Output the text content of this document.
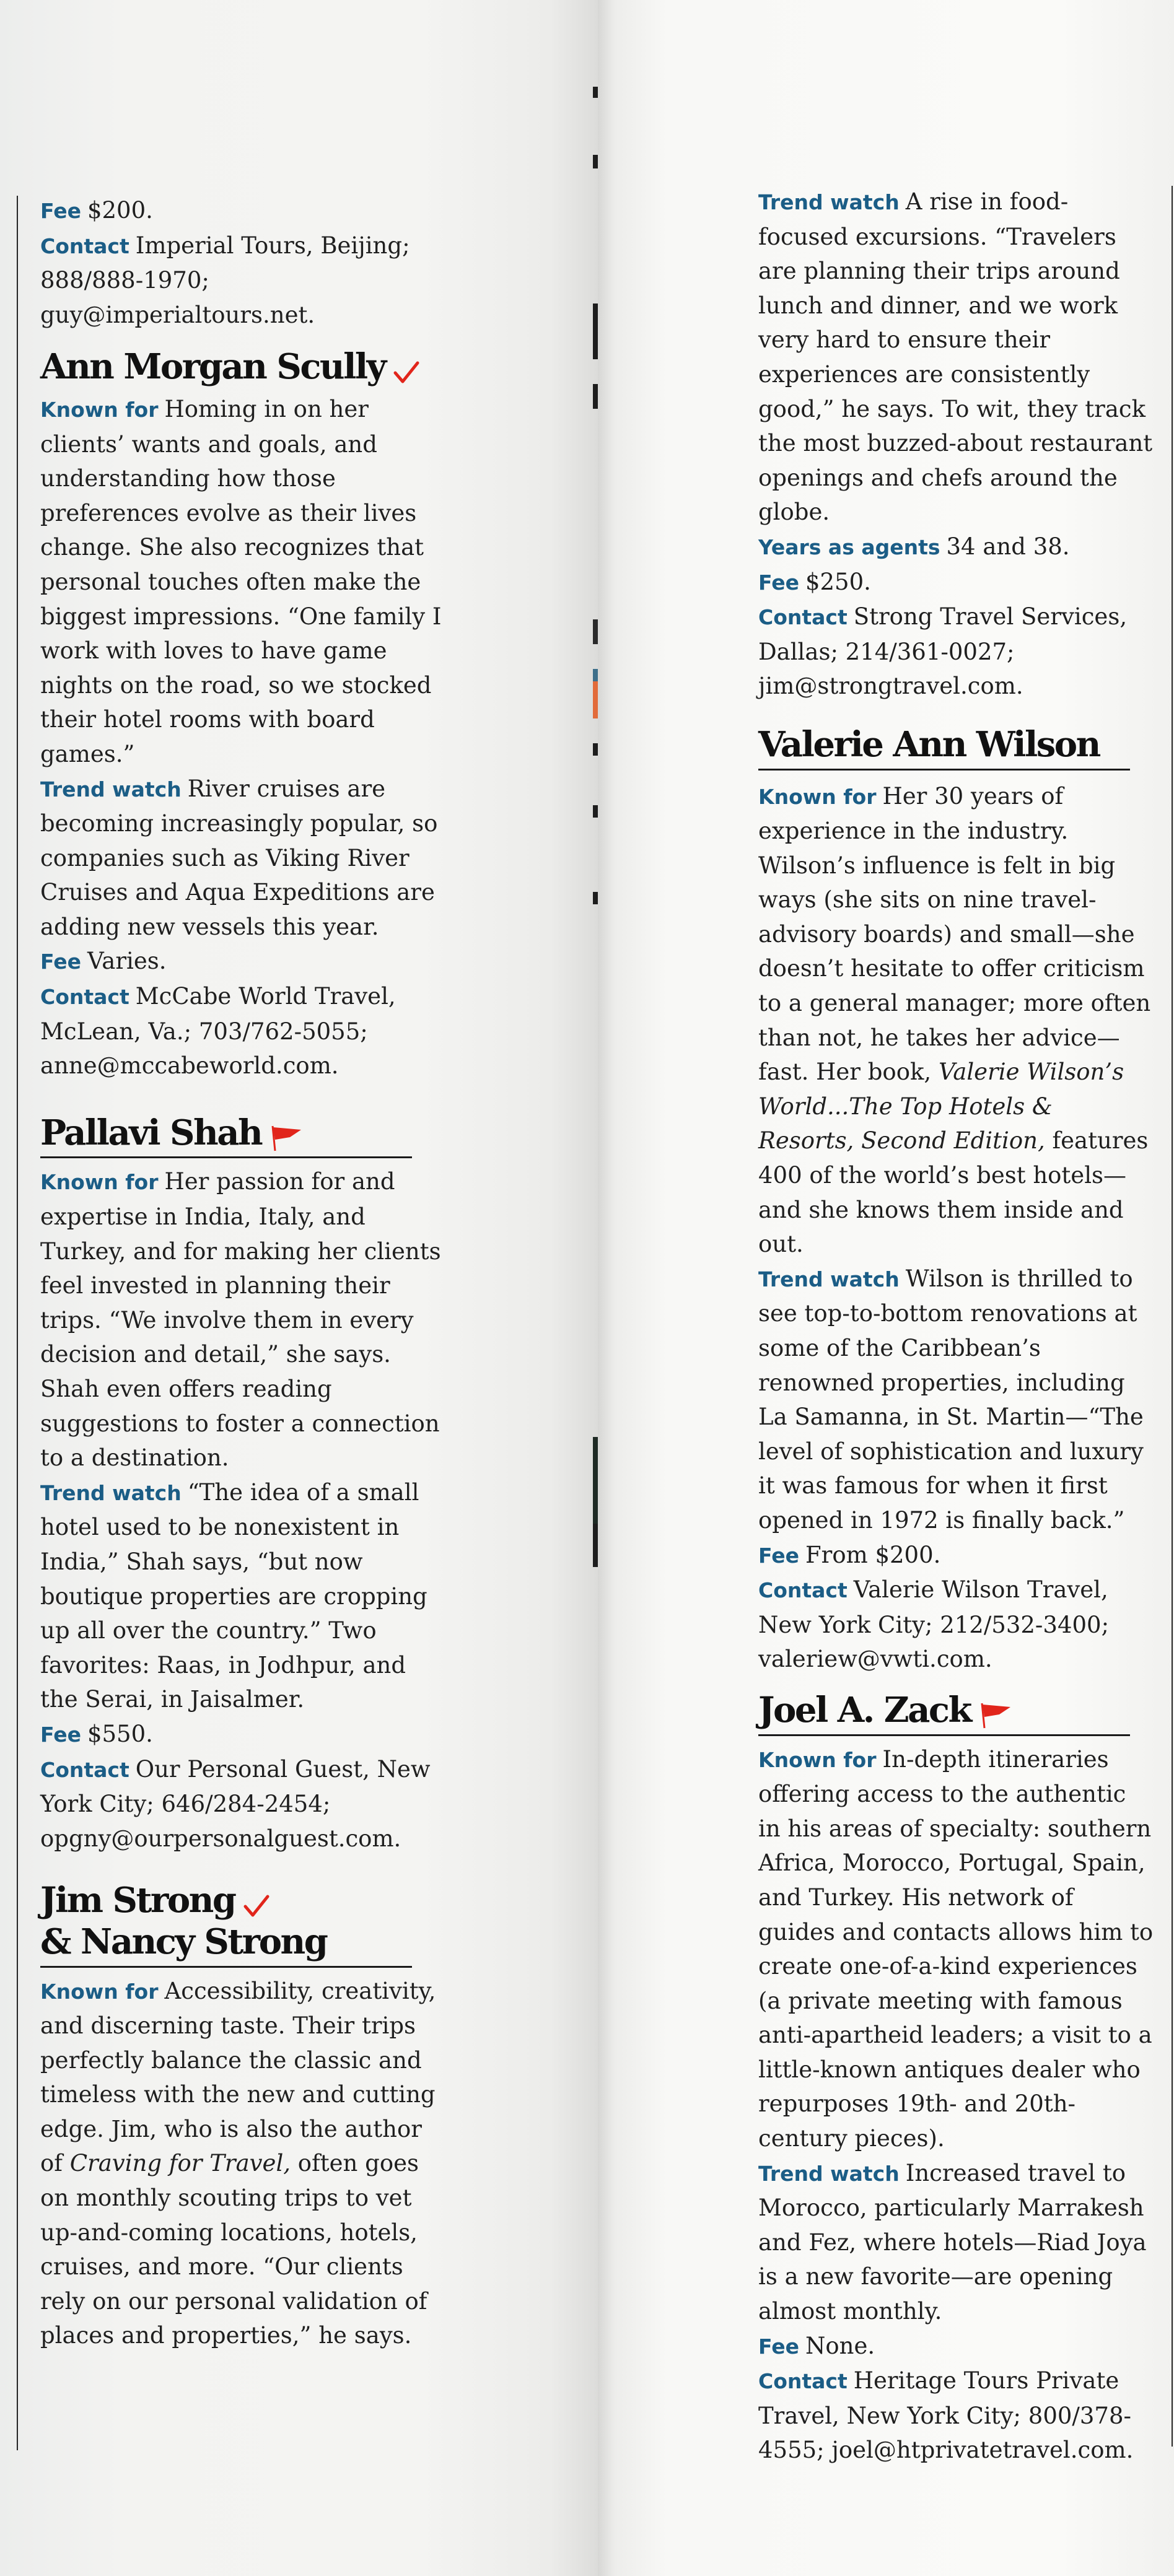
Fee $200.

Contact Imperial Tours, Beijing; 888/888-1970; guy@imperialtours.net.

Ann Morgan Scully

Known for Homing in on her clients’ wants and goals, and understanding how those preferences evolve as their lives change. She also recognizes that personal touches often make the biggest impressions. “One family I work with loves to have game nights on the road, so we stocked their hotel rooms with board games.”

Trend watch River cruises are becoming increasingly popular, so companies such as Viking River Cruises and Aqua Expeditions are adding new vessels this year.

Fee Varies.

Contact McCabe World Travel, McLean, Va.; 703/762-5055; anne@mccabeworld.com.

Pallavi Shah

Known for Her passion for and expertise in India, Italy, and Turkey, and for making her clients feel invested in planning their trips. “We involve them in every decision and detail,” she says. Shah even offers reading suggestions to foster a connection to a destination.

Trend watch “The idea of a small hotel used to be nonexistent in India,” Shah says, “but now boutique properties are cropping up all over the country.” Two favorites: Raas, in Jodhpur, and the Serai, in Jaisalmer.

Fee $550.

Contact Our Personal Guest, New York City; 646/284-2454; opgny@ourpersonalguest.com.

Jim Strong

& Nancy Strong

Known for Accessibility, creativity, and discerning taste. Their trips perfectly balance the classic and timeless with the new and cutting edge. Jim, who is also the author of Craving for Travel, often goes on monthly scouting trips to vet up-and-coming locations, hotels, cruises, and more. “Our clients rely on our personal validation of places and properties,” he says.

Trend watch A rise in food-focused excursions. “Travelers are planning their trips around lunch and dinner, and we work very hard to ensure their experiences are consistently good,” he says. To wit, they track the most buzzed-about restaurant openings and chefs around the globe.

Years as agents 34 and 38.

Fee $250.

Contact Strong Travel Services, Dallas; 214/361-0027; jim@strongtravel.com.

Valerie Ann Wilson

Known for Her 30 years of experience in the industry. Wilson’s influence is felt in big ways (she sits on nine travel-advisory boards) and small—she doesn’t hesitate to offer criticism to a general manager; more often than not, he takes her advice—fast. Her book, Valerie Wilson’s World...The Top Hotels & Resorts, Second Edition, features 400 of the world’s best hotels—and she knows them inside and out.

Trend watch Wilson is thrilled to see top-to-bottom renovations at some of the Caribbean’s renowned properties, including La Samanna, in St. Martin—“The level of sophistication and luxury it was famous for when it first opened in 1972 is finally back.”

Fee From $200.

Contact Valerie Wilson Travel, New York City; 212/532-3400; valeriew@vwti.com.

Joel A. Zack

Known for In-depth itineraries offering access to the authentic in his areas of specialty: southern Africa, Morocco, Portugal, Spain, and Turkey. His network of guides and contacts allows him to create one-of-a-kind experiences (a private meeting with famous anti-apartheid leaders; a visit to a little-known antiques dealer who repurposes 19th- and 20th-century pieces).

Trend watch Increased travel to Morocco, particularly Marrakesh and Fez, where hotels—Riad Joya is a new favorite—are opening almost monthly.

Fee None.

Contact Heritage Tours Private Travel, New York City; 800/378-4555; joel@htprivatetravel.com.
